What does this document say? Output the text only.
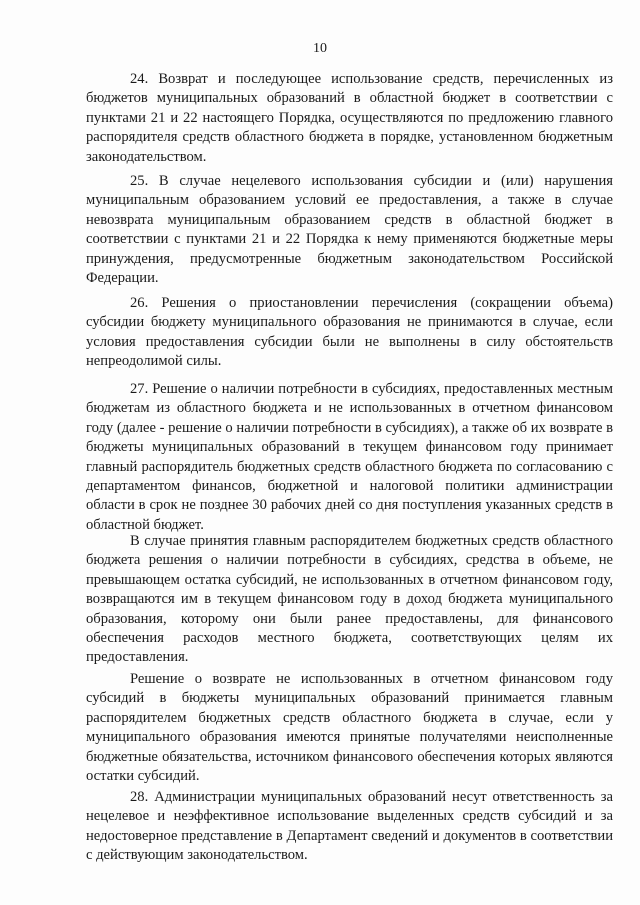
10

24. Возврат и последующее использование средств, перечисленных из бюджетов муниципальных образований в областной бюджет в соответствии с пунктами 21 и 22 настоящего Порядка, осуществляются по предложению главного распорядителя средств областного бюджета в порядке, установленном бюджетным законодательством.

25. В случае нецелевого использования субсидии и (или) нарушения муниципальным образованием условий ее предоставления, а также в случае невозврата муниципальным образованием средств в областной бюджет в соответствии с пунктами 21 и 22 Порядка к нему применяются бюджетные меры принуждения, предусмотренные бюджетным законодательством Российской Федерации.

26. Решения о приостановлении перечисления (сокращении объема) субсидии бюджету муниципального образования не принимаются в случае, если условия предоставления субсидии были не выполнены в силу обстоятельств непреодолимой силы.

27. Решение о наличии потребности в субсидиях, предоставленных местным бюджетам из областного бюджета и не использованных в отчетном финансовом году (далее - решение о наличии потребности в субсидиях), а также об их возврате в бюджеты муниципальных образований в текущем финансовом году принимает главный распорядитель бюджетных средств областного бюджета по согласованию с департаментом финансов, бюджетной и налоговой политики администрации области в срок не позднее 30 рабочих дней со дня поступления указанных средств в областной бюджет.

В случае принятия главным распорядителем бюджетных средств областного бюджета решения о наличии потребности в субсидиях, средства в объеме, не превышающем остатка субсидий, не использованных в отчетном финансовом году, возвращаются им в текущем финансовом году в доход бюджета муниципального образования, которому они были ранее предоставлены, для финансового обеспечения расходов местного бюджета, соответствующих целям их предоставления.

Решение о возврате не использованных в отчетном финансовом году субсидий в бюджеты муниципальных образований принимается главным распорядителем бюджетных средств областного бюджета в случае, если у муниципального образования имеются принятые получателями неисполненные бюджетные обязательства, источником финансового обеспечения которых являются остатки субсидий.

28. Администрации муниципальных образований несут ответственность за нецелевое и неэффективное использование выделенных средств субсидий и за недостоверное представление в Департамент сведений и документов в соответствии с действующим законодательством.
